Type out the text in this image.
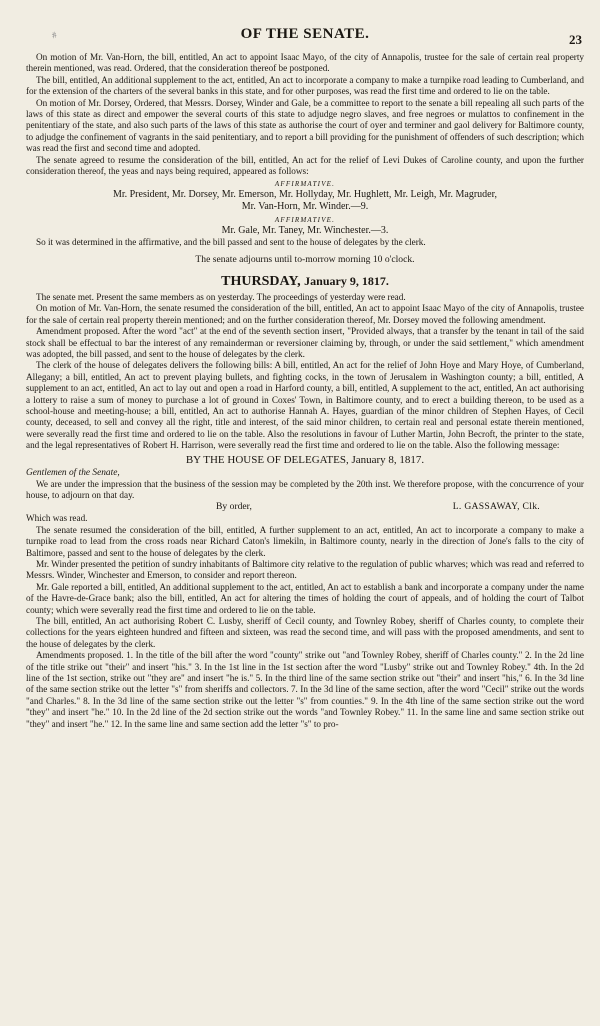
#	OF THE SENATE.	23

On motion of Mr. Van-Horn, the bill, entitled, An act to appoint Isaac Mayo, of the city of Annapolis, trustee for the sale of certain real property therein mentioned, was read. Ordered, that the consideration thereof be postponed.

The bill, entitled, An additional supplement to the act, entitled, An act to incorporate a company to make a turnpike road leading to Cumberland, and for the extension of the charters of the several banks in this state, and for other purposes, was read the first time and ordered to lie on the table.

On motion of Mr. Dorsey, Ordered, that Messrs. Dorsey, Winder and Gale, be a committee to report to the senate a bill repealing all such parts of the laws of this state as direct and empower the several courts of this state to adjudge negro slaves, and free negroes or mulattos to confinement in the penitentiary of the state, and also such parts of the laws of this state as authorise the court of oyer and terminer and gaol delivery for Baltimore county, to adjudge the confinement of vagrants in the said penitentiary, and to report a bill providing for the punishment of offenders of such description; which was read the first and second time and adopted.

The senate agreed to resume the consideration of the bill, entitled, An act for the relief of Levi Dukes of Caroline county, and upon the further consideration thereof, the yeas and nays being required, appeared as follows:

AFFIRMATIVE.
Mr. President, Mr. Dorsey, Mr. Emerson, Mr. Hollyday, Mr. Hughlett, Mr. Leigh, Mr. Magruder,
Mr. Van-Horn, Mr. Winder.—9.
AFFIRMATIVE.
Mr. Gale, Mr. Taney, Mr. Winchester.—3.

So it was determined in the affirmative, and the bill passed and sent to the house of delegates by the clerk.

The senate adjourns until to-morrow morning 10 o'clock.
THURSDAY, January 9, 1817.

The senate met. Present the same members as on yesterday. The proceedings of yesterday were read.

On motion of Mr. Van-Horn, the senate resumed the consideration of the bill, entitled, An act to appoint Isaac Mayo of the city of Annapolis, trustee for the sale of certain real property therein mentioned; and on the further consideration thereof, Mr. Dorsey moved the following amendment.

Amendment proposed. After the word "act" at the end of the seventh section insert, "Provided always, that a transfer by the tenant in tail of the said stock shall be effectual to bar the interest of any remainderman or reversioner claiming by, through, or under the said settlement," which amendment was adopted, the bill passed, and sent to the house of delegates by the clerk.

The clerk of the house of delegates delivers the following bills: A bill, entitled, An act for the relief of John Hoye and Mary Hoye, of Cumberland, Allegany; a bill, entitled, An act to prevent playing bullets, and fighting cocks, in the town of Jerusalem in Washington county; a bill, entitled, A supplement to an act, entitled, An act to lay out and open a road in Harford county, a bill, entitled, A supplement to the act, entitled, An act authorising a lottery to raise a sum of money to purchase a lot of ground in Coxes' Town, in Baltimore county, and to erect a building thereon, to be used as a school-house and meeting-house; a bill, entitled, An act to authorise Hannah A. Hayes, guardian of the minor children of Stephen Hayes, of Cecil county, deceased, to sell and convey all the right, title and interest, of the said minor children, to certain real and personal estate therein mentioned, were severally read the first time and ordered to lie on the table. Also the resolutions in favour of Luther Martin, John Becroft, the printer to the state, and the legal representatives of Robert H. Harrison, were severally read the first time and ordered to lie on the table. Also the following message:

BY THE HOUSE OF DELEGATES, January 8, 1817.
Gentlemen of the Senate,

We are under the impression that the business of the session may be completed by the 20th inst. We therefore propose, with the concurrence of your house, to adjourn on that day.

By order,	L. GASSAWAY, Clk.

Which was read.

The senate resumed the consideration of the bill, entitled, A further supplement to an act, entitled, An act to incorporate a company to make a turnpike road to lead from the cross roads near Richard Caton's limekiln, in Baltimore county, nearly in the direction of Jone's falls to the city of Baltimore, passed and sent to the house of delegates by the clerk.

Mr. Winder presented the petition of sundry inhabitants of Baltimore city relative to the regulation of public wharves; which was read and referred to Messrs. Winder, Winchester and Emerson, to consider and report thereon.

Mr. Gale reported a bill, entitled, An additional supplement to the act, entitled, An act to establish a bank and incorporate a company under the name of the Havre-de-Grace bank; also the bill, entitled, An act for altering the times of holding the court of appeals, and of holding the court of Talbot county; which were severally read the first time and ordered to lie on the table.

The bill, entitled, An act authorising Robert C. Lusby, sheriff of Cecil county, and Townley Robey, sheriff of Charles county, to complete their collections for the years eighteen hundred and fifteen and sixteen, was read the second time, and will pass with the proposed amendments, and sent to the house of delegates by the clerk.

Amendments proposed. 1. In the title of the bill after the word "county" strike out "and Townley Robey, sheriff of Charles county." 2. In the 2d line of the title strike out "their" and insert "his." 3. In the 1st line in the 1st section after the word "Lusby" strike out and Townley Robey." 4th. In the 2d line of the 1st section, strike out "they are" and insert "he is." 5. In the third line of the same section strike out "their" and insert "his," 6. In the 3d line of the same section strike out the letter "s" from sheriffs and collectors. 7. In the 3d line of the same section, after the word "Cecil" strike out the words "and Charles." 8. In the 3d line of the same section strike out the letter "s" from counties." 9. In the 4th line of the same section strike out the word "they" and insert "he." 10. In the 2d line of the 2d section strike out the words "and Townley Robey." 11. In the same line and same section strike out "they" and insert "he." 12. In the same line and same section add the letter "s" to pro-
